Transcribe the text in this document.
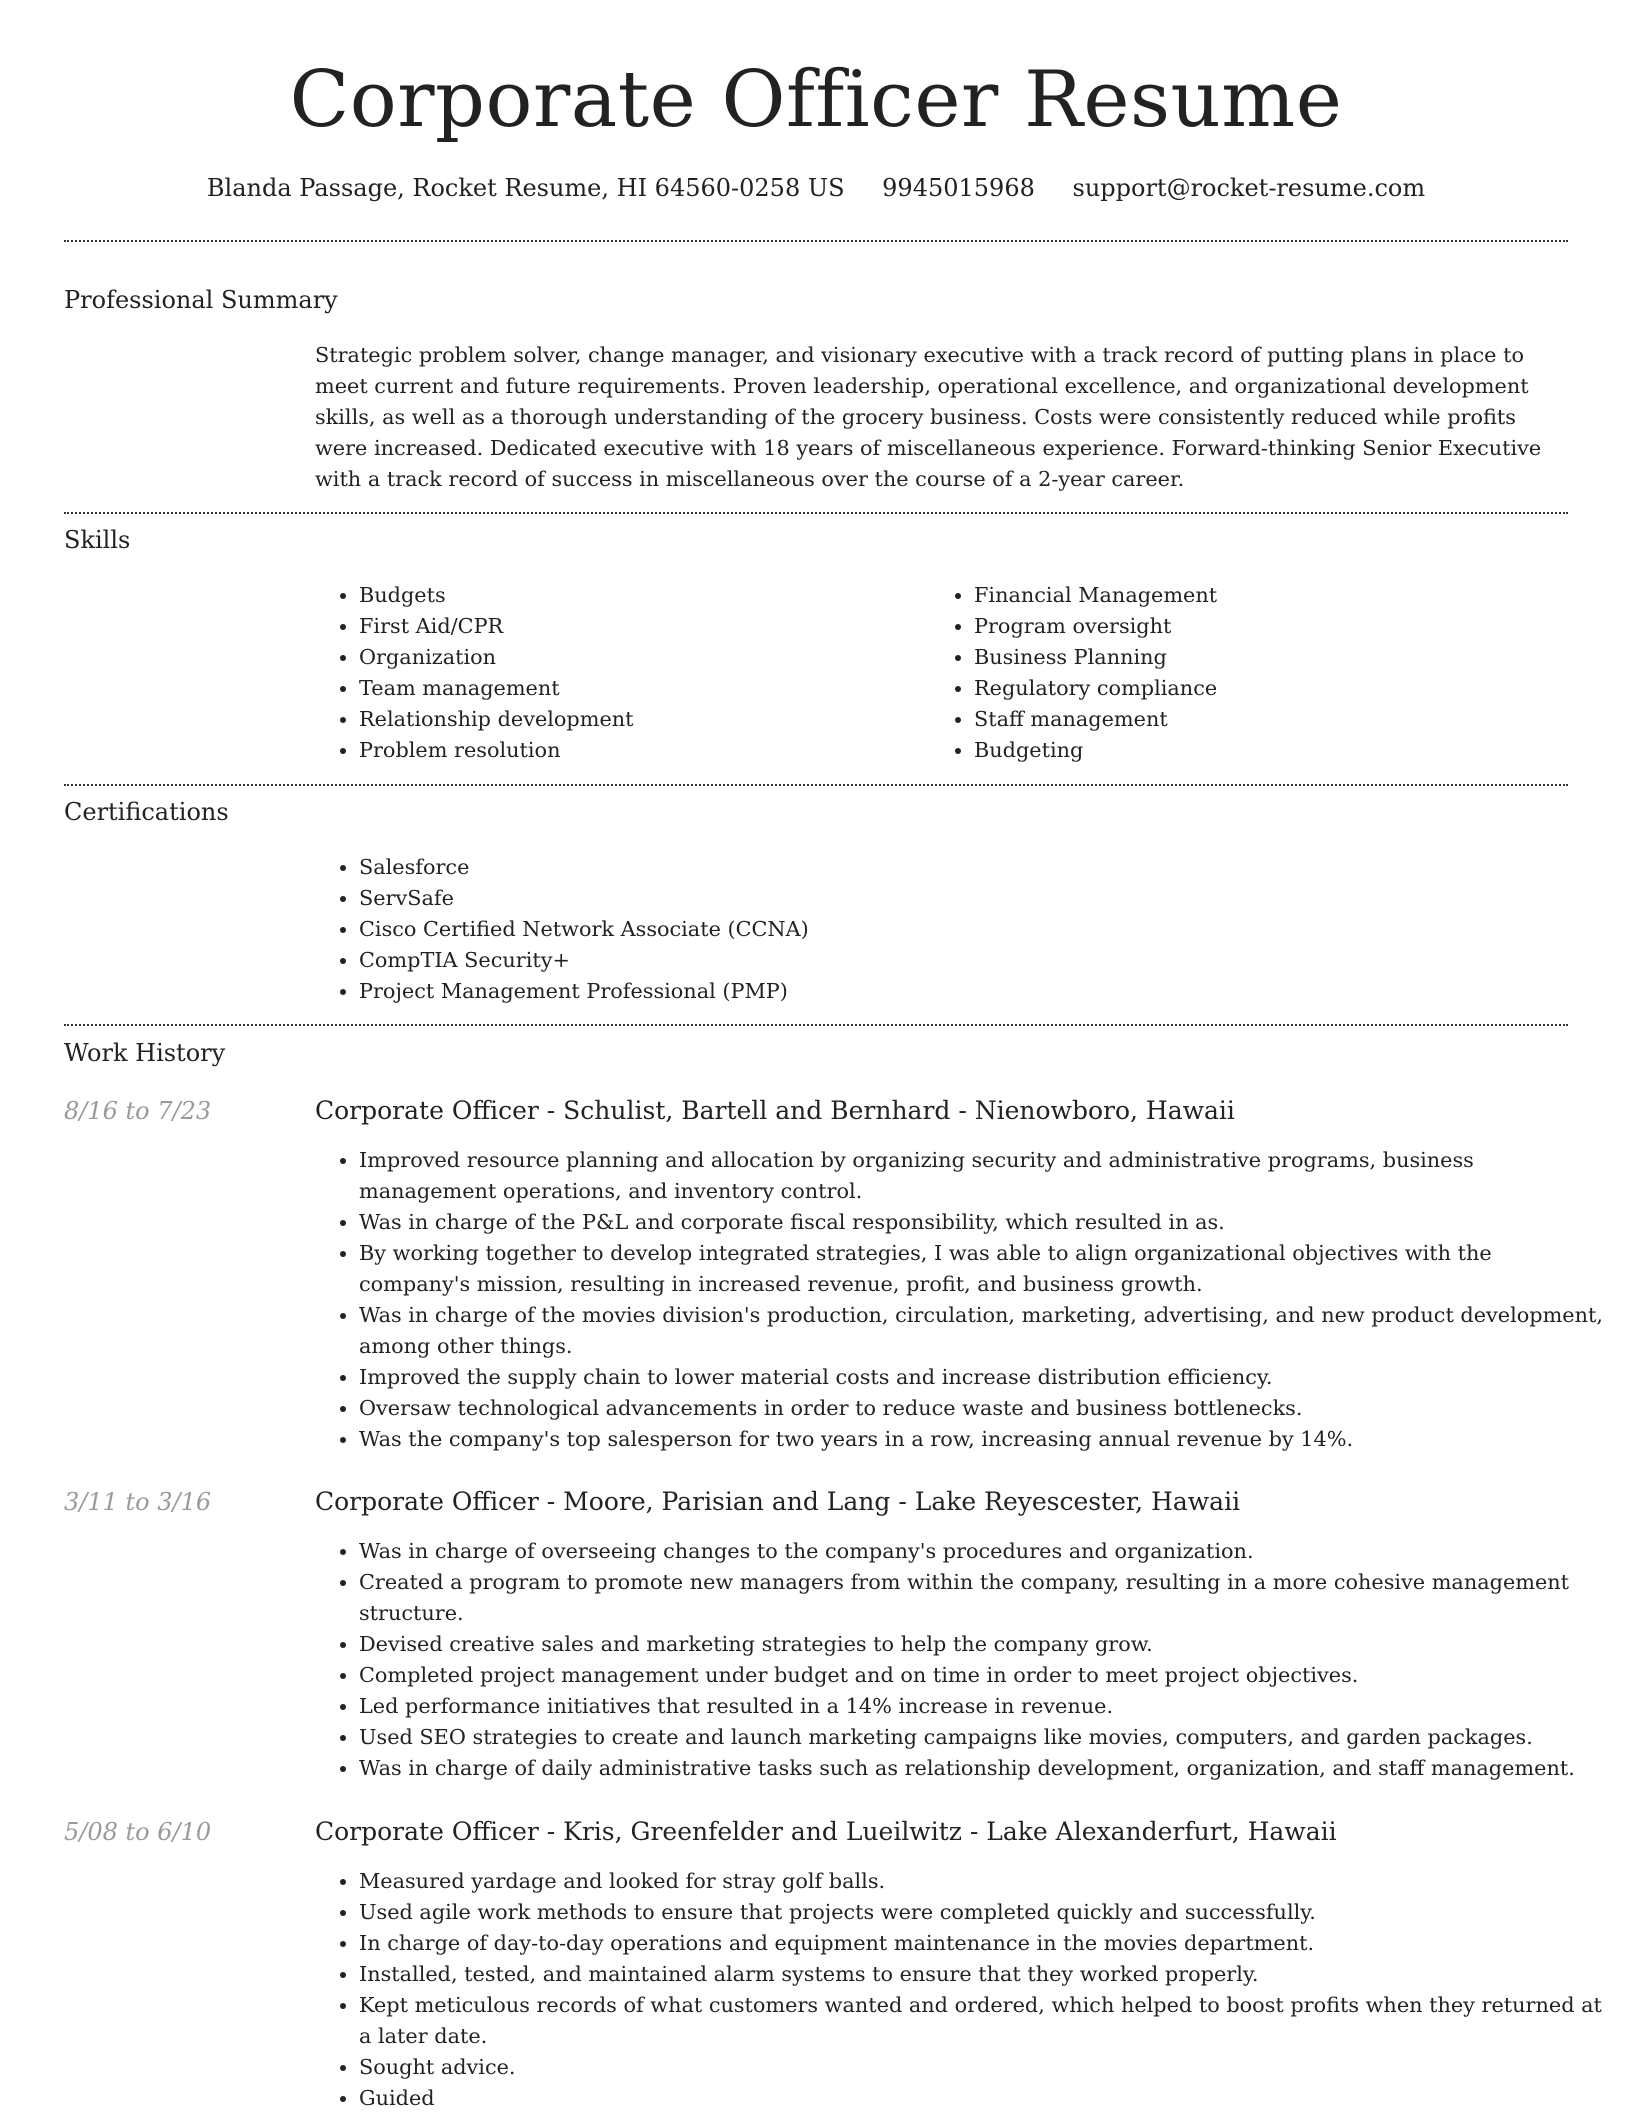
Corporate Officer Resume
Blanda Passage, Rocket Resume, HI 64560-0258 US 9945015968 support@rocket-resume.com
Professional Summary

Strategic problem solver, change manager, and visionary executive with a track record of putting plans in place to meet current and future requirements. Proven leadership, operational excellence, and organizational development skills, as well as a thorough understanding of the grocery business. Costs were consistently reduced while profits were increased. Dedicated executive with 18 years of miscellaneous experience. Forward-thinking Senior Executive with a track record of success in miscellaneous over the course of a 2-year career.

Skills
• Budgets
• First Aid/CPR
• Organization
• Team management
• Relationship development
• Problem resolution
• Financial Management
• Program oversight
• Business Planning
• Regulatory compliance
• Staff management
• Budgeting
Certifications
• Salesforce
• ServSafe
• Cisco Certified Network Associate (CCNA)
• CompTIA Security+
• Project Management Professional (PMP)
Work History
8/16 to 7/23	Corporate Officer - Schulist, Bartell and Bernhard - Nienowboro, Hawaii
• Improved resource planning and allocation by organizing security and administrative programs, business management operations, and inventory control.
• Was in charge of the P&L and corporate fiscal responsibility, which resulted in as.
• By working together to develop integrated strategies, I was able to align organizational objectives with the company's mission, resulting in increased revenue, profit, and business growth.
• Was in charge of the movies division's production, circulation, marketing, advertising, and new product development, among other things.
• Improved the supply chain to lower material costs and increase distribution efficiency.
• Oversaw technological advancements in order to reduce waste and business bottlenecks.
• Was the company's top salesperson for two years in a row, increasing annual revenue by 14%.
3/11 to 3/16	Corporate Officer - Moore, Parisian and Lang - Lake Reyescester, Hawaii
• Was in charge of overseeing changes to the company's procedures and organization.
• Created a program to promote new managers from within the company, resulting in a more cohesive management structure.
• Devised creative sales and marketing strategies to help the company grow.
• Completed project management under budget and on time in order to meet project objectives.
• Led performance initiatives that resulted in a 14% increase in revenue.
• Used SEO strategies to create and launch marketing campaigns like movies, computers, and garden packages.
• Was in charge of daily administrative tasks such as relationship development, organization, and staff management.
5/08 to 6/10	Corporate Officer - Kris, Greenfelder and Lueilwitz - Lake Alexanderfurt, Hawaii
• Measured yardage and looked for stray golf balls.
• Used agile work methods to ensure that projects were completed quickly and successfully.
• In charge of day-to-day operations and equipment maintenance in the movies department.
• Installed, tested, and maintained alarm systems to ensure that they worked properly.
• Kept meticulous records of what customers wanted and ordered, which helped to boost profits when they returned at a later date.
• Sought advice.
• Guided
